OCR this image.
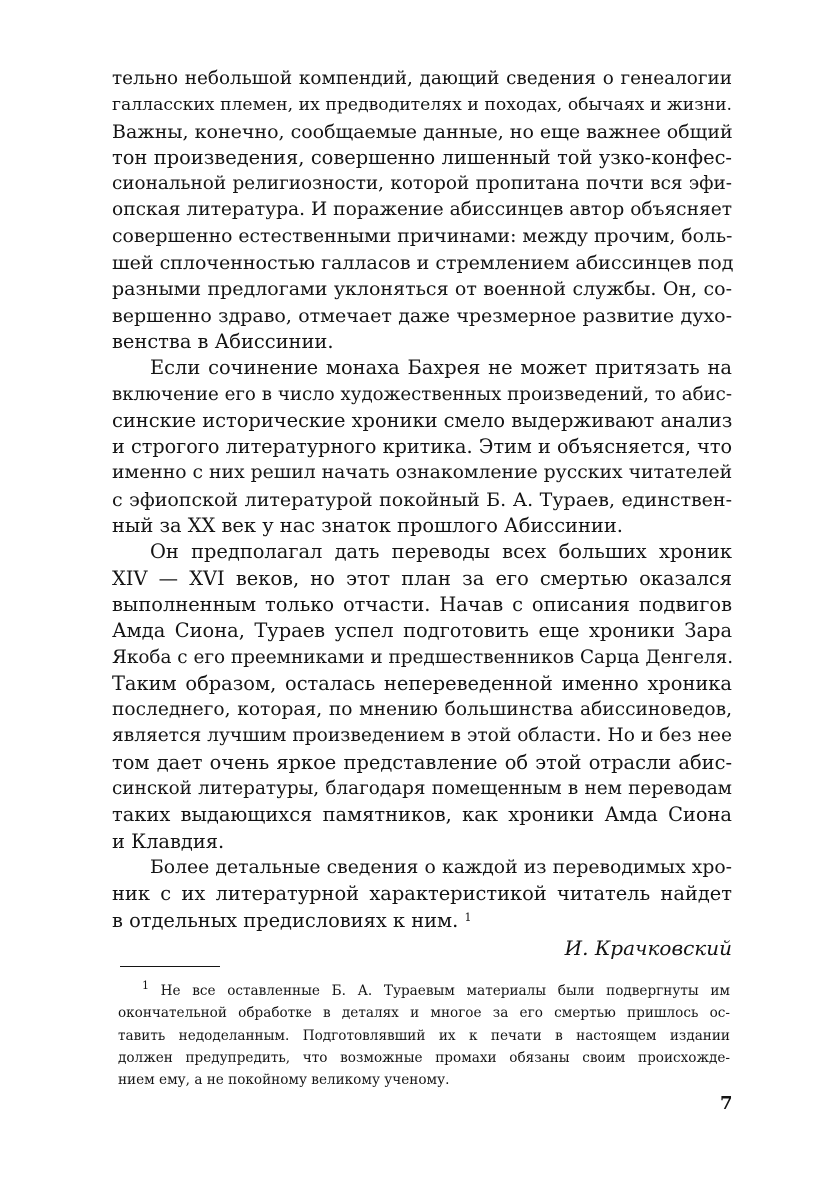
тельно небольшой компендий, дающий сведения о генеалогии
галласских племен, их предводителях и походах, обычаях и жизни.
Важны, конечно, сообщаемые данные, но еще важнее общий
тон произведения, совершенно лишенный той узко-конфес-
сиональной религиозности, которой пропитана почти вся эфи-
опская литература. И поражение абиссинцев автор объясняет
совершенно естественными причинами: между прочим, боль-
шей сплоченностью галласов и стремлением абиссинцев под
разными предлогами уклоняться от военной службы. Он, со-
вершенно здраво, отмечает даже чрезмерное развитие духо-
венства в Абиссинии.
Если сочинение монаха Бахрея не может притязать на
включение его в число художественных произведений, то абис-
синские исторические хроники смело выдерживают анализ
и строгого литературного критика. Этим и объясняется, что
именно с них решил начать ознакомление русских читателей
с эфиопской литературой покойный Б. А. Тураев, единствен-
ный за XX век у нас знаток прошлого Абиссинии.
Он предполагал дать переводы всех больших хроник
XIV — XVI веков, но этот план за его смертью оказался
выполненным только отчасти. Начав с описания подвигов
Амда Сиона, Тураев успел подготовить еще хроники Зара
Якоба с его преемниками и предшественников Сарца Денгеля.
Таким образом, осталась непереведенной именно хроника
последнего, которая, по мнению большинства абиссиноведов,
является лучшим произведением в этой области. Но и без нее
том дает очень яркое представление об этой отрасли абис-
синской литературы, благодаря помещенным в нем переводам
таких выдающихся памятников, как хроники Амда Сиона
и Клавдия.
Более детальные сведения о каждой из переводимых хро-
ник с их литературной характеристикой читатель найдет
в отдельных предисловиях к ним. $^1$
И. Крачковский
$^1$ Не все оставленные Б. А. Тураевым материалы были подвергнуты им
окончательной обработке в деталях и многое за его смертью пришлось ос-
тавить недоделанным. Подготовлявший их к печати в настоящем издании
должен предупредить, что возможные промахи обязаны своим происхожде-
нием ему, а не покойному великому ученому.
7
